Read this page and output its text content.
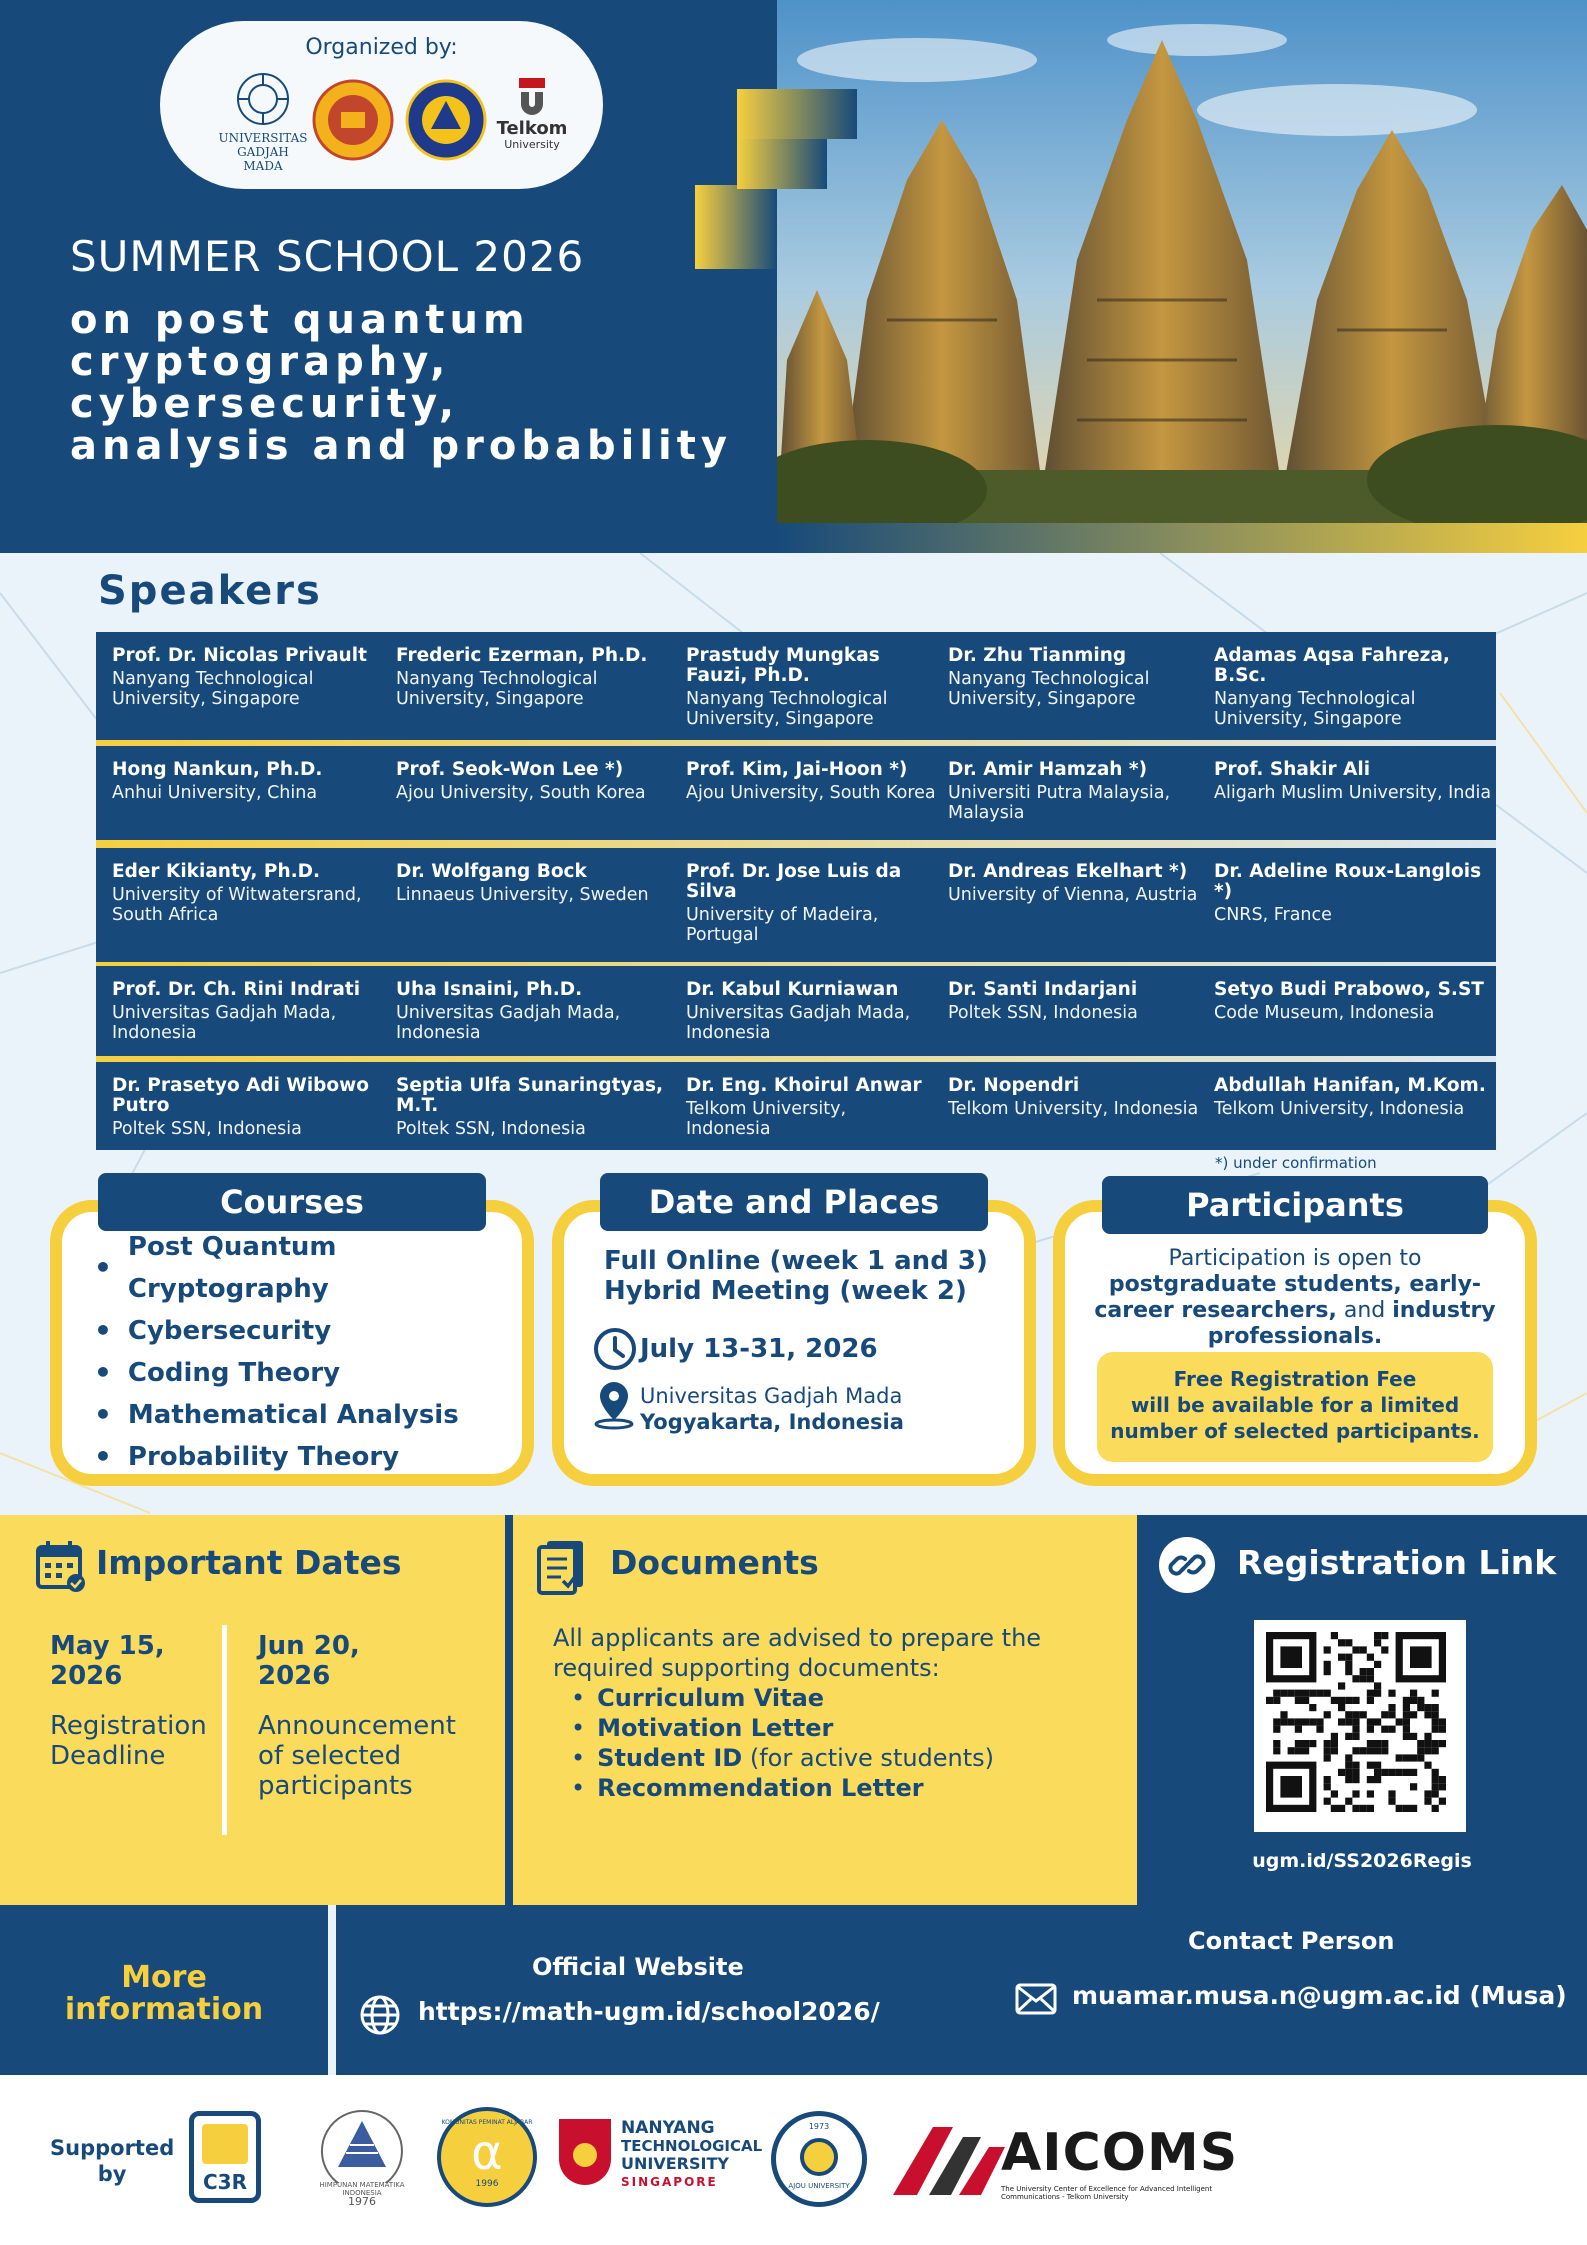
Organized by:
UNIVERSITAS
GADJAH MADA
Telkom
University
SUMMER SCHOOL 2026
on post quantum
cryptography,
cybersecurity,
analysis and probability
Speakers
*) under confirmation
• Post Quantum Cryptography
• Cybersecurity
• Coding Theory
• Mathematical Analysis
• Probability Theory
Courses
Full Online (week 1 and 3)
Hybrid Meeting (week 2)
July 13-31, 2026
Universitas Gadjah Mada
Yogyakarta, Indonesia
Date and Places
Participation is open to
postgraduate students, early-
career researchers, and industry
professionals.
Free Registration Fee
will be available for a limited
number of selected participants.
Participants
Important Dates
May 15,
2026
Registration
Deadline
Jun 20,
2026
Announcement
of selected
participants
Documents
All applicants are advised to prepare the
required supporting documents:
• Curriculum Vitae
• Motivation Letter
• Student ID (for active students)
• Recommendation Letter
Registration Link
ugm.id/SS2026Regis
More
information
Official Website
https://math-ugm.id/school2026/
Contact Person
muamar.musa.n@ugm.ac.id (Musa)
Supported
by	C3R	HIMPUNAN MATEMATIKA INDONESIA
1976
KOMUNITAS PEMINAT ALJABAR
α
1996
NANYANG
TECHNOLOGICAL
UNIVERSITY
SINGAPORE	AJOU UNIVERSITY
1973	AICOMS
The University Center of Excellence for Advanced Intelligent Communications - Telkom University
Prof. Dr. Nicolas Privault
Nanyang Technological University, Singapore
Frederic Ezerman, Ph.D.
Nanyang Technological University, Singapore
Prastudy Mungkas Fauzi, Ph.D.
Nanyang Technological University, Singapore
Dr. Zhu Tianming
Nanyang Technological University, Singapore
Adamas Aqsa Fahreza, B.Sc.
Nanyang Technological University, Singapore
Hong Nankun, Ph.D.
Anhui University, China
Prof. Seok-Won Lee *)
Ajou University, South Korea
Prof. Kim, Jai-Hoon *)
Ajou University, South Korea
Dr. Amir Hamzah *)
Universiti Putra Malaysia, Malaysia
Prof. Shakir Ali
Aligarh Muslim University, India
Eder Kikianty, Ph.D.
University of Witwatersrand, South Africa
Dr. Wolfgang Bock
Linnaeus University, Sweden
Prof. Dr. Jose Luis da Silva
University of Madeira, Portugal
Dr. Andreas Ekelhart *)
University of Vienna, Austria
Dr. Adeline Roux-Langlois *)
CNRS, France
Prof. Dr. Ch. Rini Indrati
Universitas Gadjah Mada, Indonesia
Uha Isnaini, Ph.D.
Universitas Gadjah Mada, Indonesia
Dr. Kabul Kurniawan
Universitas Gadjah Mada, Indonesia
Dr. Santi Indarjani
Poltek SSN, Indonesia
Setyo Budi Prabowo, S.ST
Code Museum, Indonesia
Dr. Prasetyo Adi Wibowo Putro
Poltek SSN, Indonesia
Septia Ulfa Sunaringtyas, M.T.
Poltek SSN, Indonesia
Dr. Eng. Khoirul Anwar
Telkom University, Indonesia
Dr. Nopendri
Telkom University, Indonesia
Abdullah Hanifan, M.Kom.
Telkom University, Indonesia
